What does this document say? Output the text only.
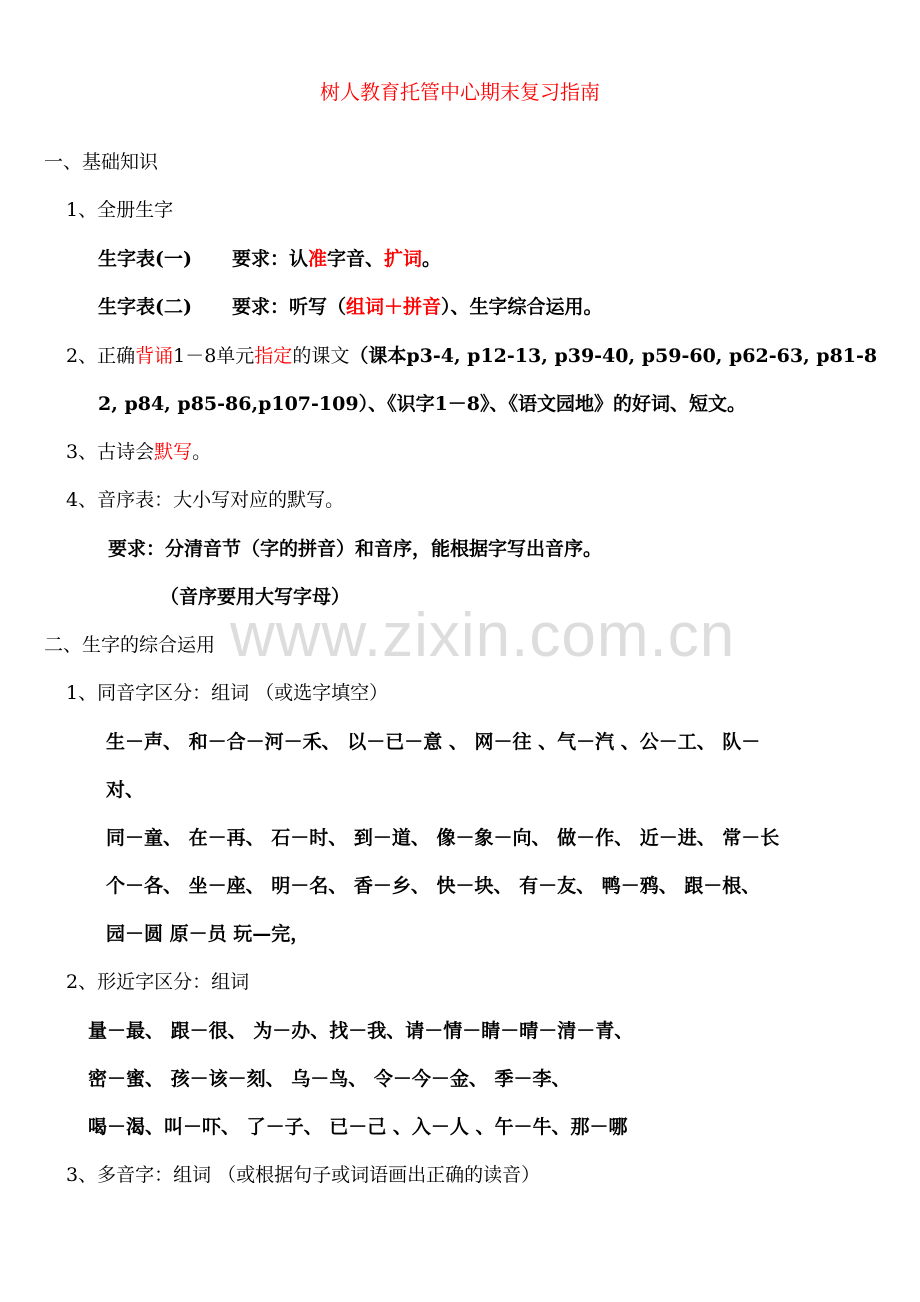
www.zixin.com.cn
树人教育托管中心期末复习指南
一、基础知识
1、全册生字
生字表(一) 要求：认准字音、扩词。
生字表(二) 要求：听写（组词＋拼音）、生字综合运用。
2、正确背诵1－8单元指定的课文（课本p3-4, p12-13, p39-40, p59-60, p62-63, p81-8
2, p84, p85-86,p107-109）、《识字1－8》、《语文园地》的好词、短文。
3、古诗会默写。
4、音序表：大小写对应的默写。
要求：分清音节（字的拼音）和音序，能根据字写出音序。
（音序要用大写字母）
二、生字的综合运用
1、同音字区分：组词 （或选字填空）
生－声、 和－合－河－禾、 以－已－意 、 网－往 、气－汽 、公－工、 队－
对、
同－童、 在－再、 石－时、 到－道、 像－象－向、 做－作、 近－进、 常－长
个－各、 坐－座、 明－名、 香－乡、 快－块、 有－友、 鸭－鸦、 跟－根、
园－圆 原－员 玩—完，
2、形近字区分：组词
量－最、 跟－很、 为－办、找－我、请－情－睛－晴－清－青、
密－蜜、 孩－该－刻、 乌－鸟、 令－今－金、 季－李、
喝－渴、叫－吓、 了－子、 已－己 、入－人 、午－牛、那－哪
3、多音字：组词 （或根据句子或词语画出正确的读音）
